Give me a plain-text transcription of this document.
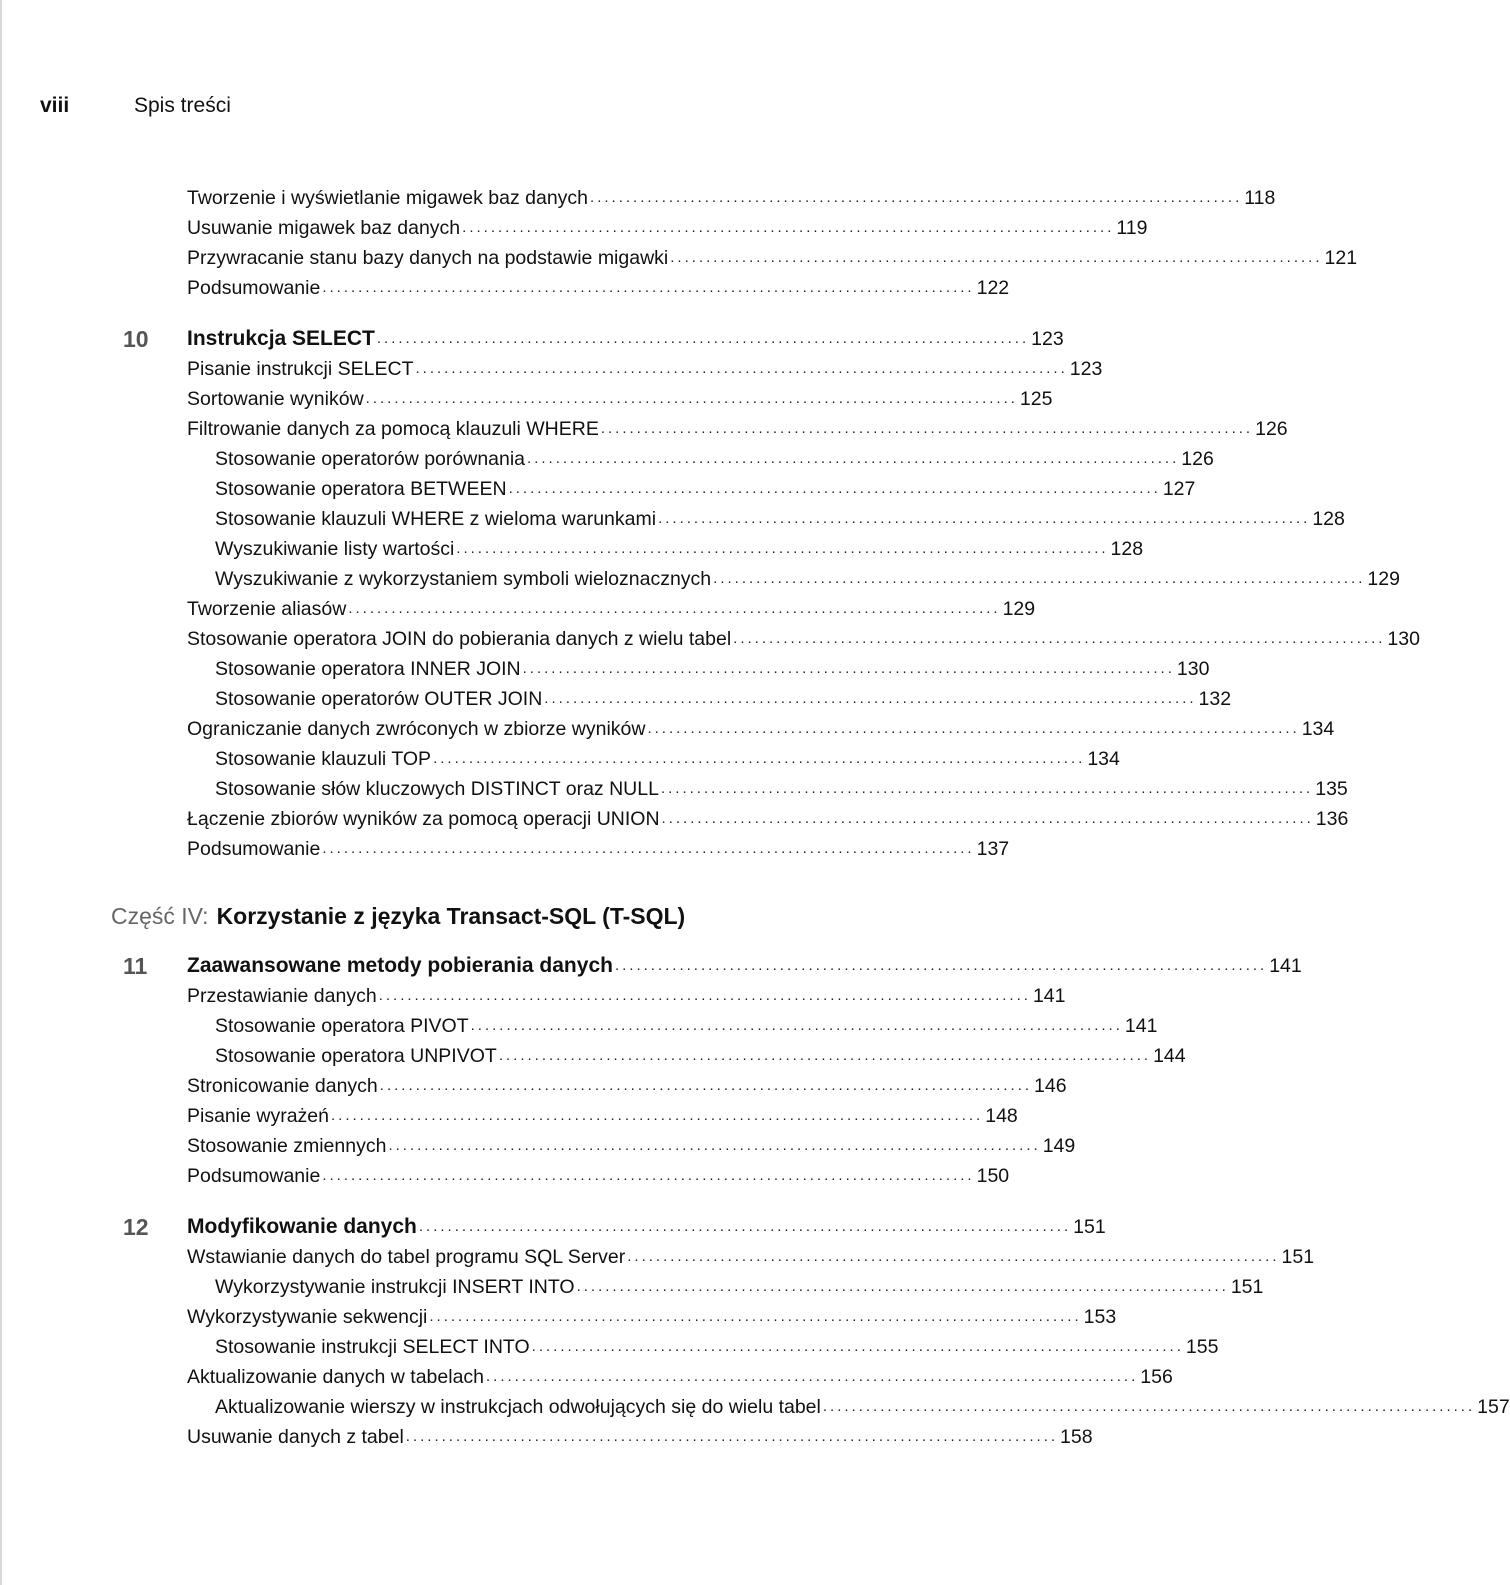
viii	Spis treści
Tworzenie i wyświetlanie migawek baz danych ........................................................................................... 118
Usuwanie migawek baz danych ........................................................................................... 119
Przywracanie stanu bazy danych na podstawie migawki ........................................................................................... 121
Podsumowanie ........................................................................................... 122
10	Instrukcja SELECT ........................................................................................... 123
Pisanie instrukcji SELECT ........................................................................................... 123
Sortowanie wyników ........................................................................................... 125
Filtrowanie danych za pomocą klauzuli WHERE ........................................................................................... 126
Stosowanie operatorów porównania ........................................................................................... 126
Stosowanie operatora BETWEEN ........................................................................................... 127
Stosowanie klauzuli WHERE z wieloma warunkami ........................................................................................... 128
Wyszukiwanie listy wartości ........................................................................................... 128
Wyszukiwanie z wykorzystaniem symboli wieloznacznych ........................................................................................... 129
Tworzenie aliasów ........................................................................................... 129
Stosowanie operatora JOIN do pobierania danych z wielu tabel ........................................................................................... 130
Stosowanie operatora INNER JOIN ........................................................................................... 130
Stosowanie operatorów OUTER JOIN ........................................................................................... 132
Ograniczanie danych zwróconych w zbiorze wyników ........................................................................................... 134
Stosowanie klauzuli TOP ........................................................................................... 134
Stosowanie słów kluczowych DISTINCT oraz NULL ........................................................................................... 135
Łączenie zbiorów wyników za pomocą operacji UNION ........................................................................................... 136
Podsumowanie ........................................................................................... 137
Część IV: Korzystanie z języka Transact-SQL (T-SQL)
11	Zaawansowane metody pobierania danych ........................................................................................... 141
Przestawianie danych ........................................................................................... 141
Stosowanie operatora PIVOT ........................................................................................... 141
Stosowanie operatora UNPIVOT ........................................................................................... 144
Stronicowanie danych ........................................................................................... 146
Pisanie wyrażeń ........................................................................................... 148
Stosowanie zmiennych ........................................................................................... 149
Podsumowanie ........................................................................................... 150
12	Modyfikowanie danych ........................................................................................... 151
Wstawianie danych do tabel programu SQL Server ........................................................................................... 151
Wykorzystywanie instrukcji INSERT INTO ........................................................................................... 151
Wykorzystywanie sekwencji ........................................................................................... 153
Stosowanie instrukcji SELECT INTO ........................................................................................... 155
Aktualizowanie danych w tabelach ........................................................................................... 156
Aktualizowanie wierszy w instrukcjach odwołujących się do wielu tabel ........................................................................................... 157
Usuwanie danych z tabel ........................................................................................... 158
